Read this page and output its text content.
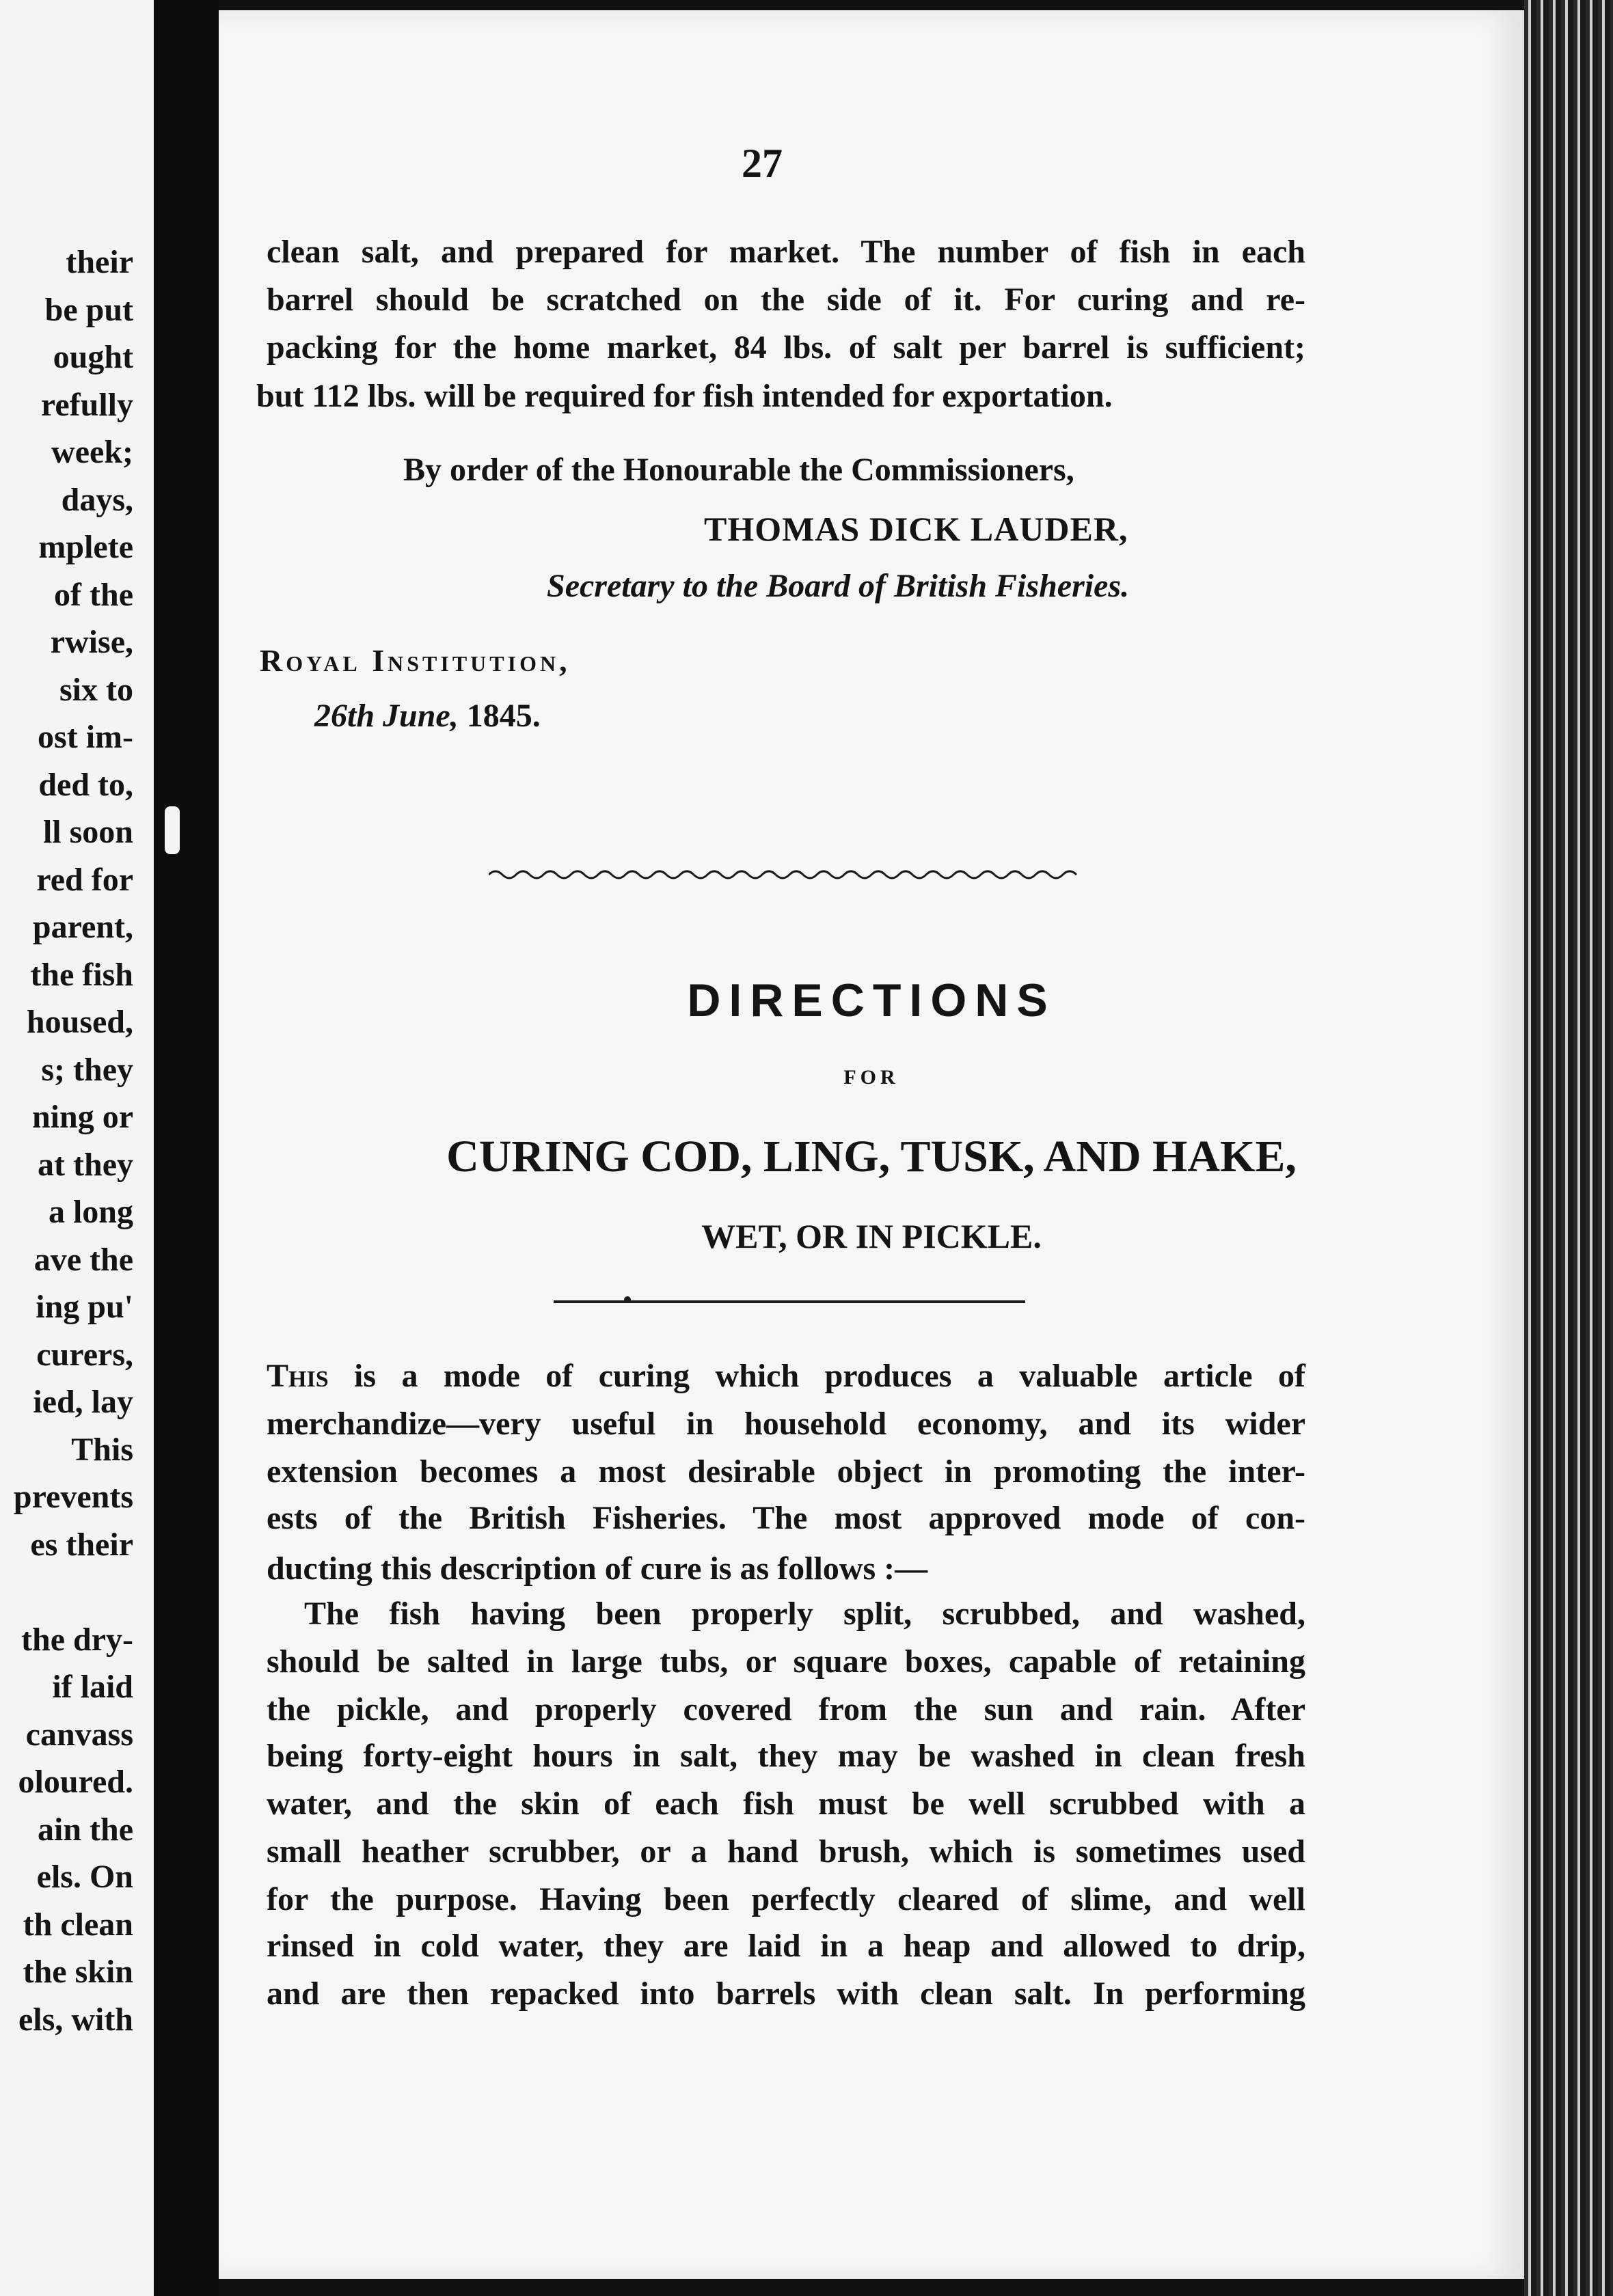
their
be put
ought
refully
week;
days,
mplete
of the
rwise,
six to
ost im-
ded to,
ll soon
red for
parent,
the fish
housed,
s; they
ning or
at they
a long
ave the
ing pu'
curers,
ied, lay
This
prevents
es their
the dry-
if laid
canvass
oloured.
ain the
els. On
th clean
the skin
els, with
27
clean salt, and prepared for market. The number of fish in each
barrel should be scratched on the side of it. For curing and re-
packing for the home market, 84 lbs. of salt per barrel is sufficient;
but 112 lbs. will be required for fish intended for exportation.
By order of the Honourable the Commissioners,
THOMAS DICK LAUDER,
Secretary to the Board of British Fisheries.
Royal Institution,
26th June, 1845.
DIRECTIONS
FOR
CURING COD, LING, TUSK, AND HAKE,
WET, OR IN PICKLE.
This is a mode of curing which produces a valuable article of
merchandize—very useful in household economy, and its wider
extension becomes a most desirable object in promoting the inter-
ests of the British Fisheries. The most approved mode of con-
ducting this description of cure is as follows :—
The fish having been properly split, scrubbed, and washed,
should be salted in large tubs, or square boxes, capable of retaining
the pickle, and properly covered from the sun and rain. After
being forty-eight hours in salt, they may be washed in clean fresh
water, and the skin of each fish must be well scrubbed with a
small heather scrubber, or a hand brush, which is sometimes used
for the purpose. Having been perfectly cleared of slime, and well
rinsed in cold water, they are laid in a heap and allowed to drip,
and are then repacked into barrels with clean salt. In performing
